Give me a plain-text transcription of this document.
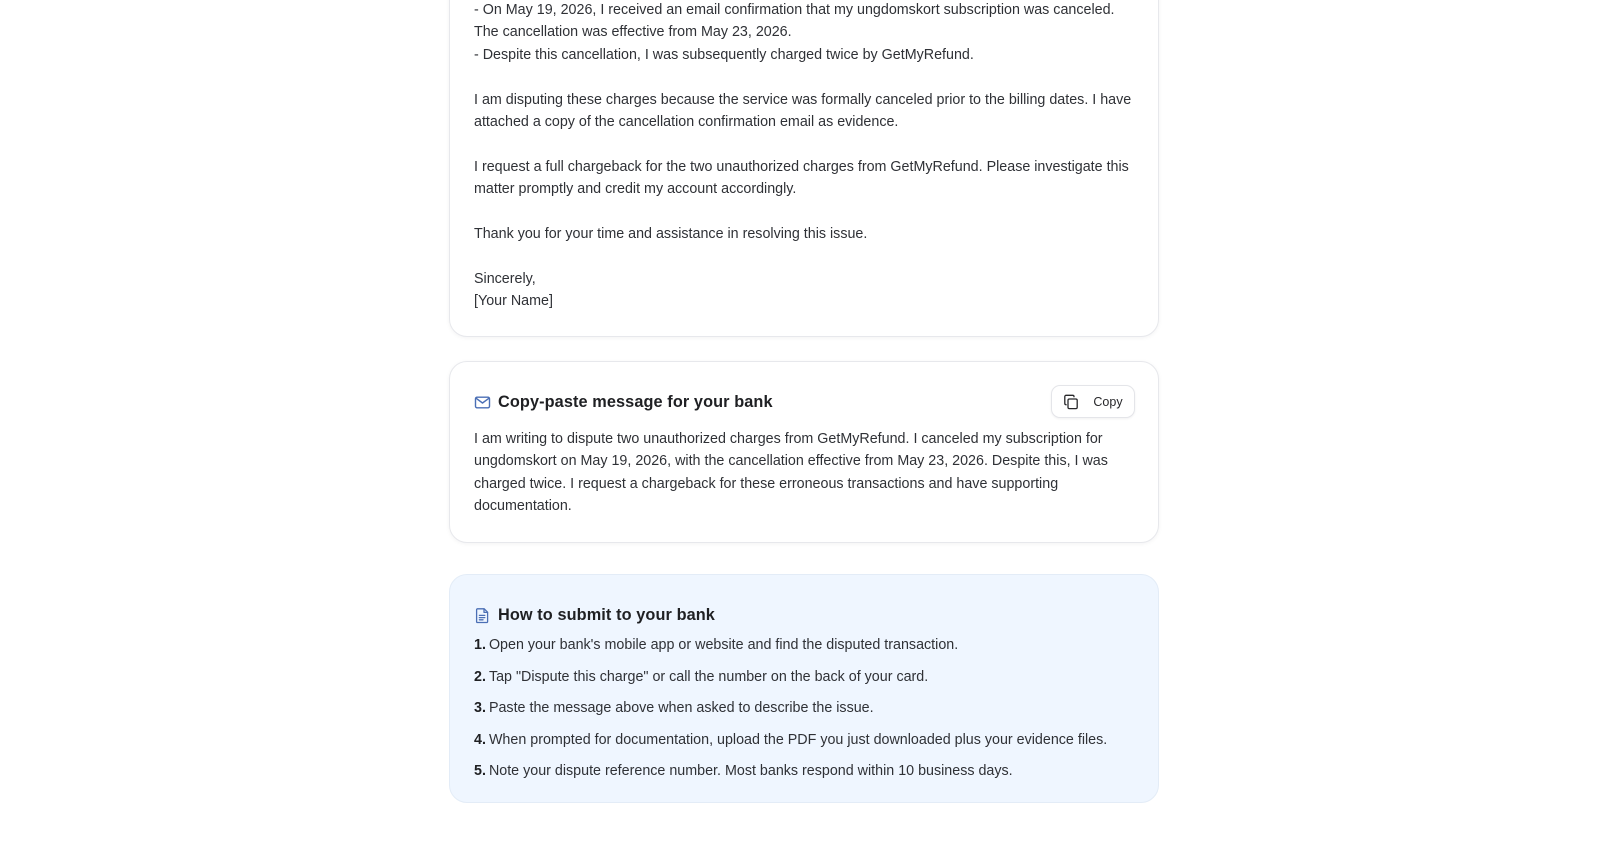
- On May 19, 2026, I received an email confirmation that my ungdomskort subscription was canceled. The cancellation was effective from May 23, 2026.
- Despite this cancellation, I was subsequently charged twice by GetMyRefund.

I am disputing these charges because the service was formally canceled prior to the billing dates. I have attached a copy of the cancellation confirmation email as evidence.

I request a full chargeback for the two unauthorized charges from GetMyRefund. Please investigate this matter promptly and credit my account accordingly.

Thank you for your time and assistance in resolving this issue.

Sincerely,
[Your Name]
Copy-paste message for your bank	Copy

I am writing to dispute two unauthorized charges from GetMyRefund. I canceled my subscription for ungdomskort on May 19, 2026, with the cancellation effective from May 23, 2026. Despite this, I was charged twice. I request a chargeback for these erroneous transactions and have supporting documentation.

How to submit to your bank
1. Open your bank's mobile app or website and find the disputed transaction.
2. Tap "Dispute this charge" or call the number on the back of your card.
3. Paste the message above when asked to describe the issue.
4. When prompted for documentation, upload the PDF you just downloaded plus your evidence files.
5. Note your dispute reference number. Most banks respond within 10 business days.
